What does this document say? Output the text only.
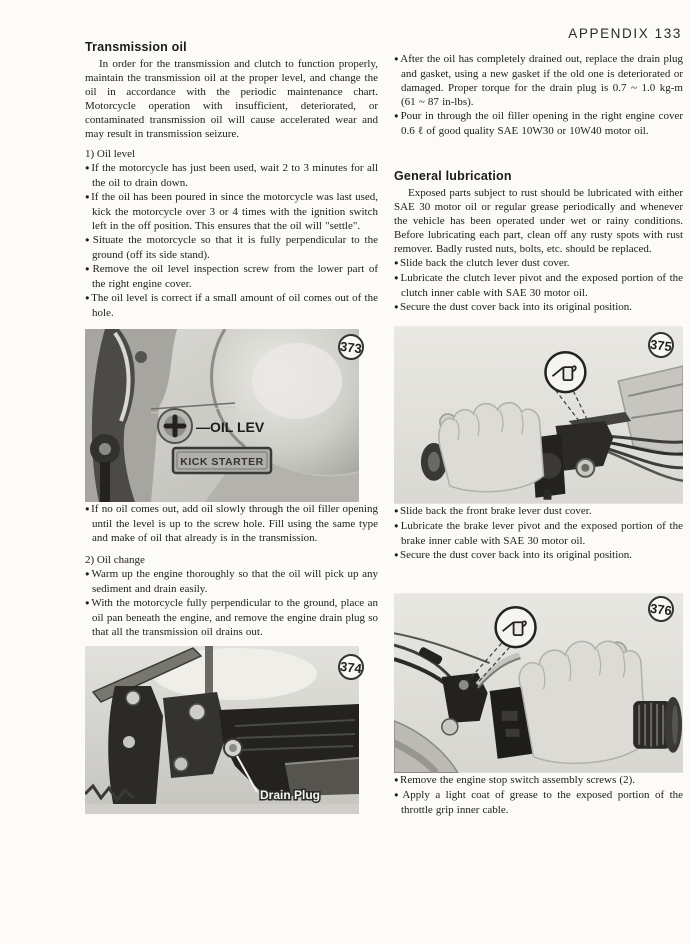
APPENDIX 133
Transmission oil

In order for the transmission and clutch to function properly, maintain the transmission oil at the proper level, and change the oil in accordance with the periodic maintenance chart. Motorcycle operation with insufficient, deteriorated, or contaminated transmission oil will cause accelerated wear and may result in transmission seizure.

1) Oil level

● If the motorcycle has just been used, wait 2 to 3 minutes for all the oil to drain down.
● If the oil has been poured in since the motorcycle was last used, kick the motorcycle over 3 or 4 times with the ignition switch left in the off position. This ensures that the oil will "settle".
● Situate the motorcycle so that it is fully perpendicular to the ground (off its side stand).
● Remove the oil level inspection screw from the lower part of the right engine cover.
● The oil level is correct if a small amount of oil comes out of the hole.
—OIL LEV
KICK STARTER
373
● If no oil comes out, add oil slowly through the oil filler opening until the level is up to the screw hole. Fill using the same type and make of oil that already is in the transmission.

2) Oil change

● Warm up the engine thoroughly so that the oil will pick up any sediment and drain easily.
● With the motorcycle fully perpendicular to the ground, place an oil pan beneath the engine, and remove the engine drain plug so that all the transmission oil drains out.
Drain Plug
374
● After the oil has completely drained out, replace the drain plug and gasket, using a new gasket if the old one is deteriorated or damaged. Proper torque for the drain plug is 0.7 ~ 1.0 kg-m (61 ~ 87 in-lbs).
● Pour in through the oil filler opening in the right engine cover 0.6 ℓ of good quality SAE 10W30 or 10W40 motor oil.
General lubrication

Exposed parts subject to rust should be lubricated with either SAE 30 motor oil or regular grease periodically and whenever the vehicle has been operated under wet or rainy conditions. Before lubricating each part, clean off any rusty spots with rust remover. Badly rusted nuts, bolts, etc. should be replaced.

● Slide back the clutch lever dust cover.
● Lubricate the clutch lever pivot and the exposed portion of the clutch inner cable with SAE 30 motor oil.
● Secure the dust cover back into its original position.
375
● Slide back the front brake lever dust cover.
● Lubricate the brake lever pivot and the exposed portion of the brake inner cable with SAE 30 motor oil.
● Secure the dust cover back into its original position.
376
● Remove the engine stop switch assembly screws (2).
● Apply a light coat of grease to the exposed portion of the throttle grip inner cable.
